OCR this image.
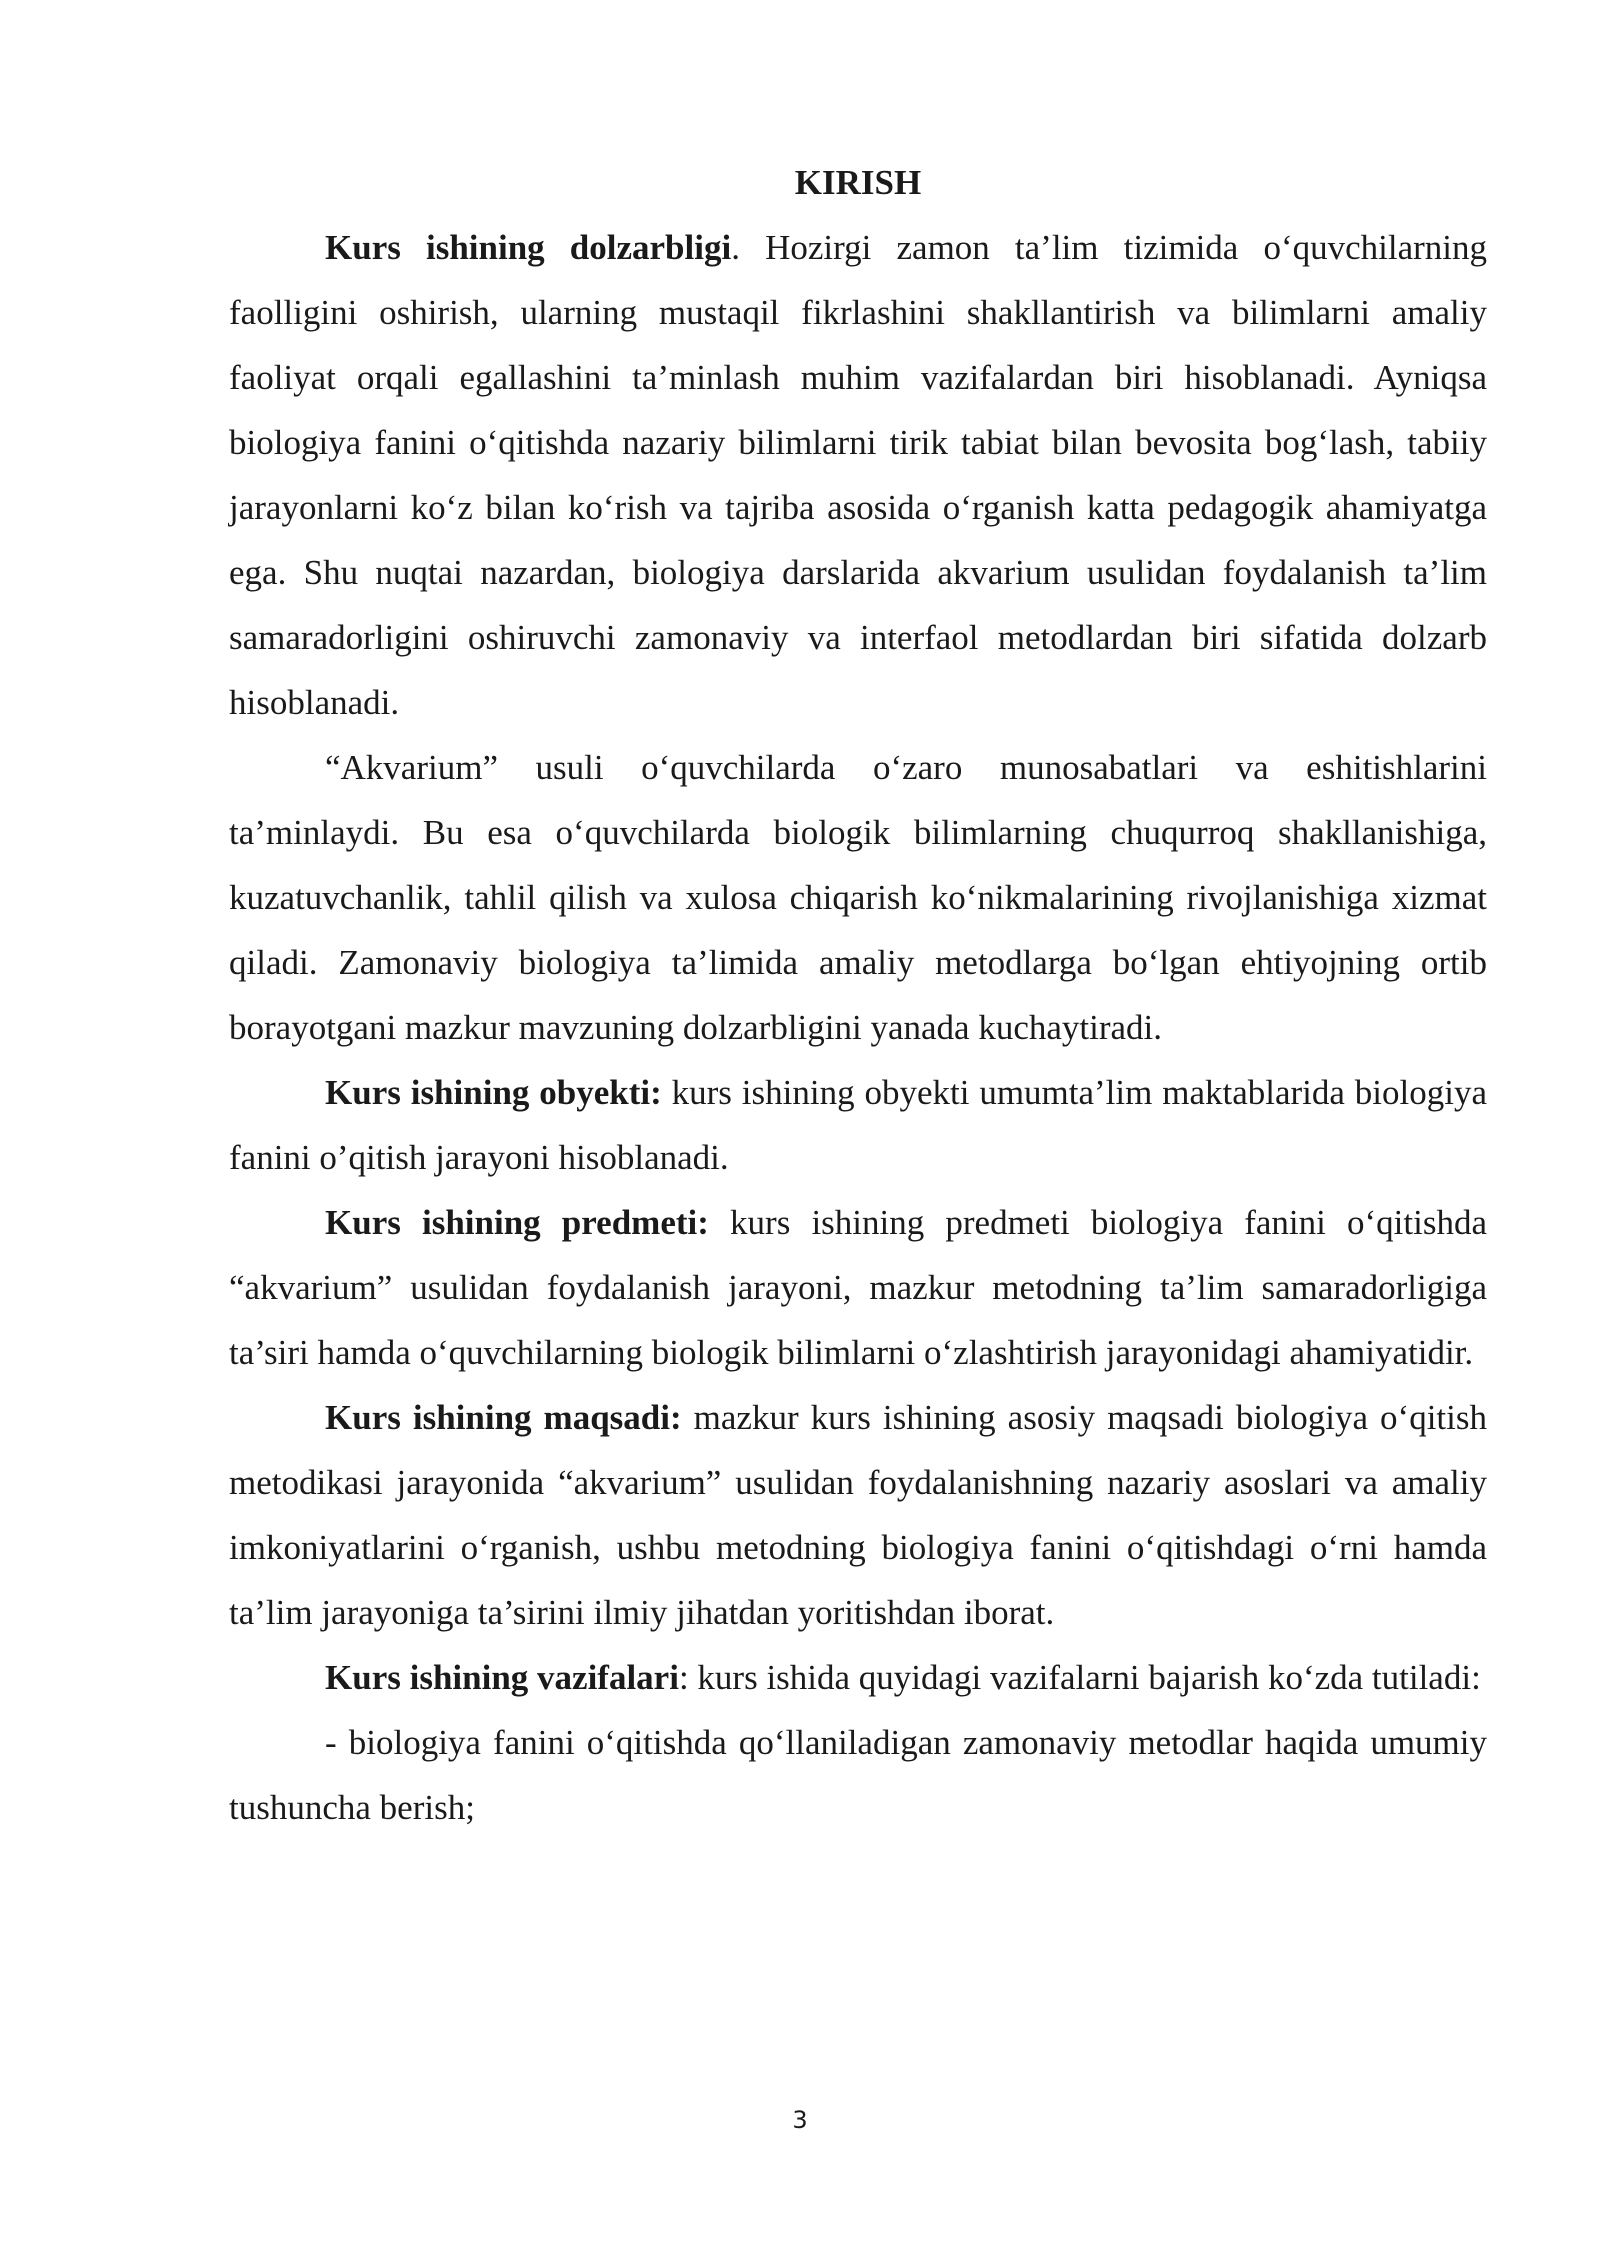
KIRISH

Kurs ishining dolzarbligi. Hozirgi zamon ta’lim tizimida o‘quvchilarning faolligini oshirish, ularning mustaqil fikrlashini shakllantirish va bilimlarni amaliy faoliyat orqali egallashini ta’minlash muhim vazifalardan biri hisoblanadi. Ayniqsa biologiya fanini o‘qitishda nazariy bilimlarni tirik tabiat bilan bevosita bog‘lash, tabiiy jarayonlarni ko‘z bilan ko‘rish va tajriba asosida o‘rganish katta pedagogik ahamiyatga ega. Shu nuqtai nazardan, biologiya darslarida akvarium usulidan foydalanish ta’lim samaradorligini oshiruvchi zamonaviy va interfaol metodlardan biri sifatida dolzarb hisoblanadi.

“Akvarium” usuli o‘quvchilarda o‘zaro munosabatlari va eshitishlarini ta’minlaydi. Bu esa o‘quvchilarda biologik bilimlarning chuqurroq shakllanishiga, kuzatuvchanlik, tahlil qilish va xulosa chiqarish ko‘nikmalarining rivojlanishiga xizmat qiladi. Zamonaviy biologiya ta’limida amaliy metodlarga bo‘lgan ehtiyojning ortib borayotgani mazkur mavzuning dolzarbligini yanada kuchaytiradi.

Kurs ishining obyekti: kurs ishining obyekti umumta’lim maktablarida biologiya fanini o’qitish jarayoni hisoblanadi.

Kurs ishining predmeti: kurs ishining predmeti biologiya fanini o‘qitishda “akvarium” usulidan foydalanish jarayoni, mazkur metodning ta’lim samaradorligiga ta’siri hamda o‘quvchilarning biologik bilimlarni o‘zlashtirish jarayonidagi ahamiyatidir.

Kurs ishining maqsadi: mazkur kurs ishining asosiy maqsadi biologiya o‘qitish metodikasi jarayonida “akvarium” usulidan foydalanishning nazariy asoslari va amaliy imkoniyatlarini o‘rganish, ushbu metodning biologiya fanini o‘qitishdagi o‘rni hamda ta’lim jarayoniga ta’sirini ilmiy jihatdan yoritishdan iborat.

Kurs ishining vazifalari: kurs ishida quyidagi vazifalarni bajarish ko‘zda tutiladi:

- biologiya fanini o‘qitishda qo‘llaniladigan zamonaviy metodlar haqida umumiy tushuncha berish;

3
